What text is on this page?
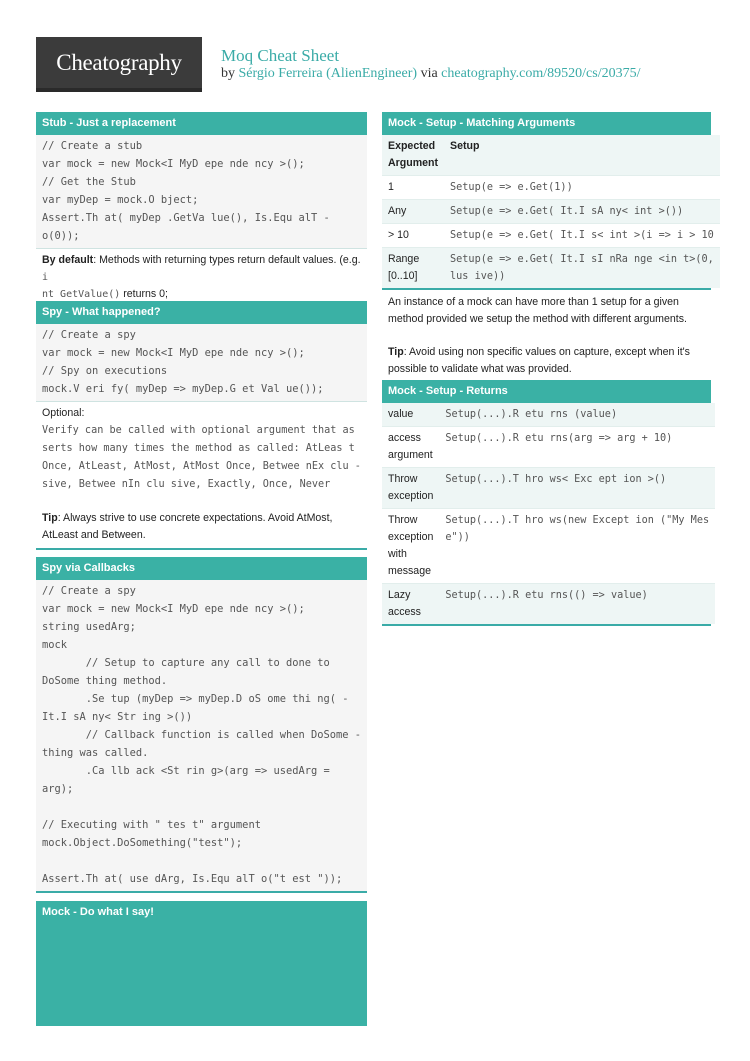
Cheatography Moq Cheat Sheet
by Sérgio Ferreira (AlienEngineer) via cheatography.com/89520/cs/20375/
Stub - Just a replacement
// Create a stub
var mock = new Mock<I MyD epe nde ncy >();
// Get the Stub
var myDep = mock.O bject;
Assert.Th at( myDep .GetVa lue(), Is.Equ alT -
o(0));
By default: Methods with returning types return default values. (e.g. i
nt GetValue() returns 0;
Spy - What happened?
// Create a spy
var mock = new Mock<I MyD epe nde ncy >();
// Spy on executions
mock.V eri fy( myDep => myDep.G et Val ue());
Optional:
Verify can be called with optional argument that as
serts how many times the method as called: AtLeas t
Once, AtLeast, AtMost, AtMost Once, Betwee nEx clu -
sive, Betwee nIn clu sive, Exactly, Once, Never
Tip: Always strive to use concrete expectations. Avoid AtMost, AtLeast and Between.
Spy via Callbacks
// Create a spy
var mock = new Mock<I MyD epe nde ncy >();
string usedArg;
mock
// Setup to capture any call to done to
DoSome thing method.
.Se tup (myDep => myDep.D oS ome thi ng( -
It.I sA ny< Str ing >())
// Callback function is called when DoSome -
thing was called.
.Ca llb ack <St rin g>(arg => usedArg =
arg);

// Executing with " tes t" argument
mock.Object.DoSomething("test");

Assert.Th at( use dArg, Is.Equ alT o("t est "));
Mock - Do what I say!
Mock - Setup - Matching Arguments
Expected Argument	Setup
1	Setup(e => e.Get(1))
Any	Setup(e => e.Get( It.I sA ny< int >())
> 10	Setup(e => e.Get( It.I s< int >(i => i > 10
Range [0..10]	Setup(e => e.Get( It.I sI nRa nge <in t>(0,
lus ive))
An instance of a mock can have more than 1 setup for a given method provided we setup the method with different arguments.
Tip: Avoid using non specific values on capture, except when it's possible to validate what was provided.
Mock - Setup - Returns
value	Setup(...).R etu rns (value)
access argument	Setup(...).R etu rns(arg => arg + 10)
Throw exception	Setup(...).T hro ws< Exc ept ion >()
Throw exception with message	Setup(...).T hro ws(new Except ion ("My Mes
e"))
Lazy access	Setup(...).R etu rns(() => value)
